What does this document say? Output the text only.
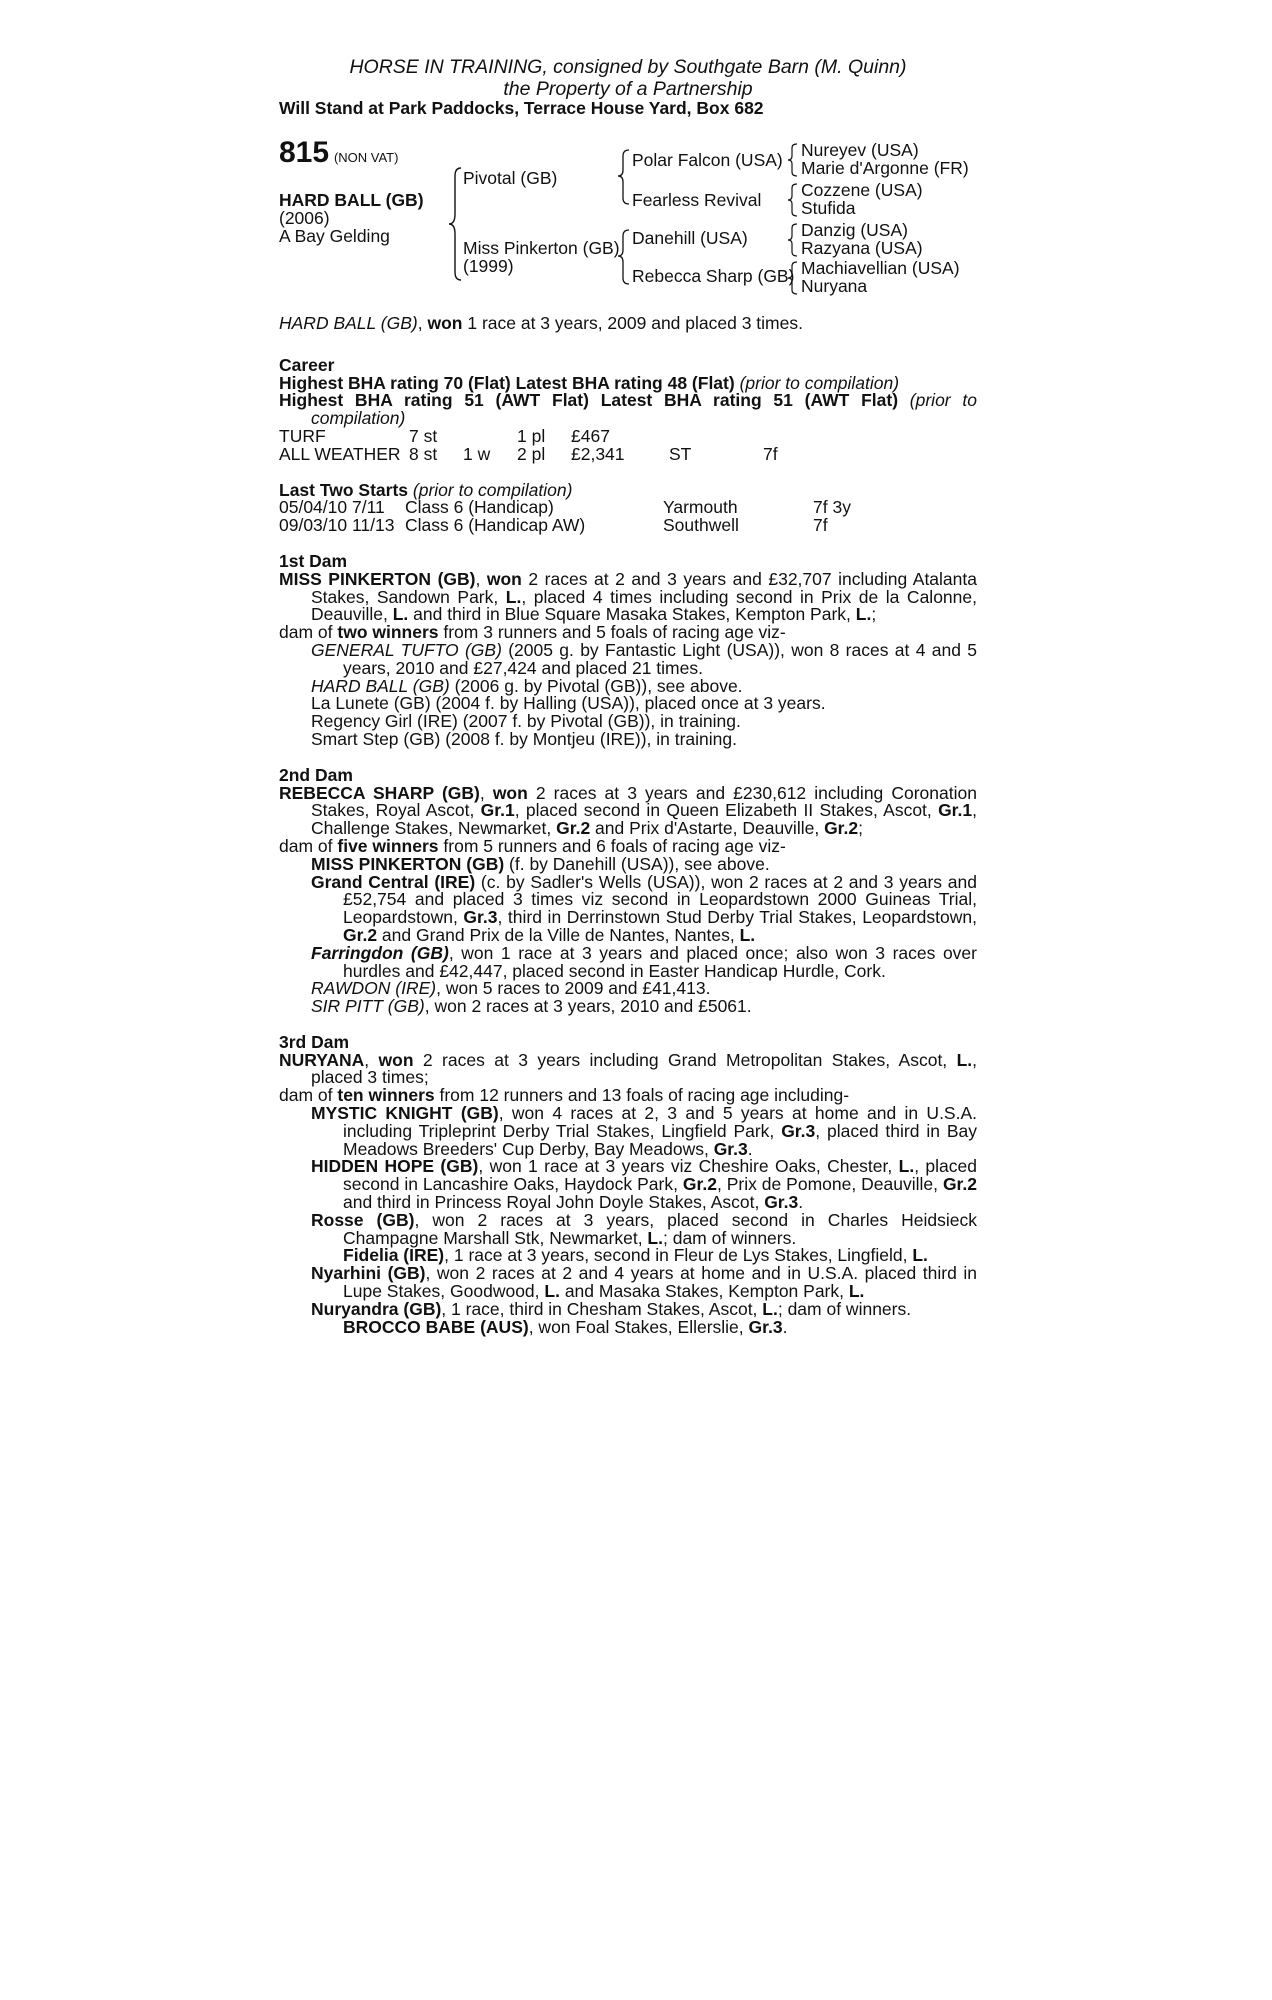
HORSE IN TRAINING, consigned by Southgate Barn (M. Quinn)
the Property of a Partnership
Will Stand at Park Paddocks, Terrace House Yard, Box 682
815 (NON VAT)
HARD BALL (GB)
(2006)
A Bay Gelding
Pivotal (GB)
Miss Pinkerton (GB)
(1999)
Polar Falcon (USA)
Fearless Revival
Danehill (USA)
Rebecca Sharp (GB)
Nureyev (USA)
Marie d'Argonne (FR)
Cozzene (USA)
Stufida
Danzig (USA)
Razyana (USA)
Machiavellian (USA)
Nuryana

HARD BALL (GB), won 1 race at 3 years, 2009 and placed 3 times.

Career

Highest BHA rating 70 (Flat) Latest BHA rating 48 (Flat) (prior to compilation)

Highest BHA rating 51 (AWT Flat) Latest BHA rating 51 (AWT Flat) (prior to compilation)

TURF	7 st	1 pl	£467
ALL WEATHER 8 st	1 w	2 pl	£2,341	ST	7f

Last Two Starts (prior to compilation)

05/04/10 7/11	Class 6 (Handicap)	Yarmouth	7f 3y
09/03/10 11/13 Class 6 (Handicap AW)	Southwell	7f
1st Dam

MISS PINKERTON (GB), won 2 races at 2 and 3 years and £32,707 including Atalanta Stakes, Sandown Park, L., placed 4 times including second in Prix de la Calonne, Deauville, L. and third in Blue Square Masaka Stakes, Kempton Park, L.;

dam of two winners from 3 runners and 5 foals of racing age viz-

GENERAL TUFTO (GB) (2005 g. by Fantastic Light (USA)), won 8 races at 4 and 5 years, 2010 and £27,424 and placed 21 times.

HARD BALL (GB) (2006 g. by Pivotal (GB)), see above.

La Lunete (GB) (2004 f. by Halling (USA)), placed once at 3 years.

Regency Girl (IRE) (2007 f. by Pivotal (GB)), in training.

Smart Step (GB) (2008 f. by Montjeu (IRE)), in training.

2nd Dam

REBECCA SHARP (GB), won 2 races at 3 years and £230,612 including Coronation Stakes, Royal Ascot, Gr.1, placed second in Queen Elizabeth II Stakes, Ascot, Gr.1, Challenge Stakes, Newmarket, Gr.2 and Prix d'Astarte, Deauville, Gr.2;

dam of five winners from 5 runners and 6 foals of racing age viz-

MISS PINKERTON (GB) (f. by Danehill (USA)), see above.

Grand Central (IRE) (c. by Sadler's Wells (USA)), won 2 races at 2 and 3 years and £52,754 and placed 3 times viz second in Leopardstown 2000 Guineas Trial, Leopardstown, Gr.3, third in Derrinstown Stud Derby Trial Stakes, Leopardstown, Gr.2 and Grand Prix de la Ville de Nantes, Nantes, L.

Farringdon (GB), won 1 race at 3 years and placed once; also won 3 races over hurdles and £42,447, placed second in Easter Handicap Hurdle, Cork.

RAWDON (IRE), won 5 races to 2009 and £41,413.

SIR PITT (GB), won 2 races at 3 years, 2010 and £5061.

3rd Dam

NURYANA, won 2 races at 3 years including Grand Metropolitan Stakes, Ascot, L., placed 3 times;

dam of ten winners from 12 runners and 13 foals of racing age including-

MYSTIC KNIGHT (GB), won 4 races at 2, 3 and 5 years at home and in U.S.A. including Tripleprint Derby Trial Stakes, Lingfield Park, Gr.3, placed third in Bay Meadows Breeders' Cup Derby, Bay Meadows, Gr.3.

HIDDEN HOPE (GB), won 1 race at 3 years viz Cheshire Oaks, Chester, L., placed second in Lancashire Oaks, Haydock Park, Gr.2, Prix de Pomone, Deauville, Gr.2 and third in Princess Royal John Doyle Stakes, Ascot, Gr.3.

Rosse (GB), won 2 races at 3 years, placed second in Charles Heidsieck Champagne Marshall Stk, Newmarket, L.; dam of winners.

Fidelia (IRE), 1 race at 3 years, second in Fleur de Lys Stakes, Lingfield, L.

Nyarhini (GB), won 2 races at 2 and 4 years at home and in U.S.A. placed third in Lupe Stakes, Goodwood, L. and Masaka Stakes, Kempton Park, L.

Nuryandra (GB), 1 race, third in Chesham Stakes, Ascot, L.; dam of winners.

BROCCO BABE (AUS), won Foal Stakes, Ellerslie, Gr.3.
